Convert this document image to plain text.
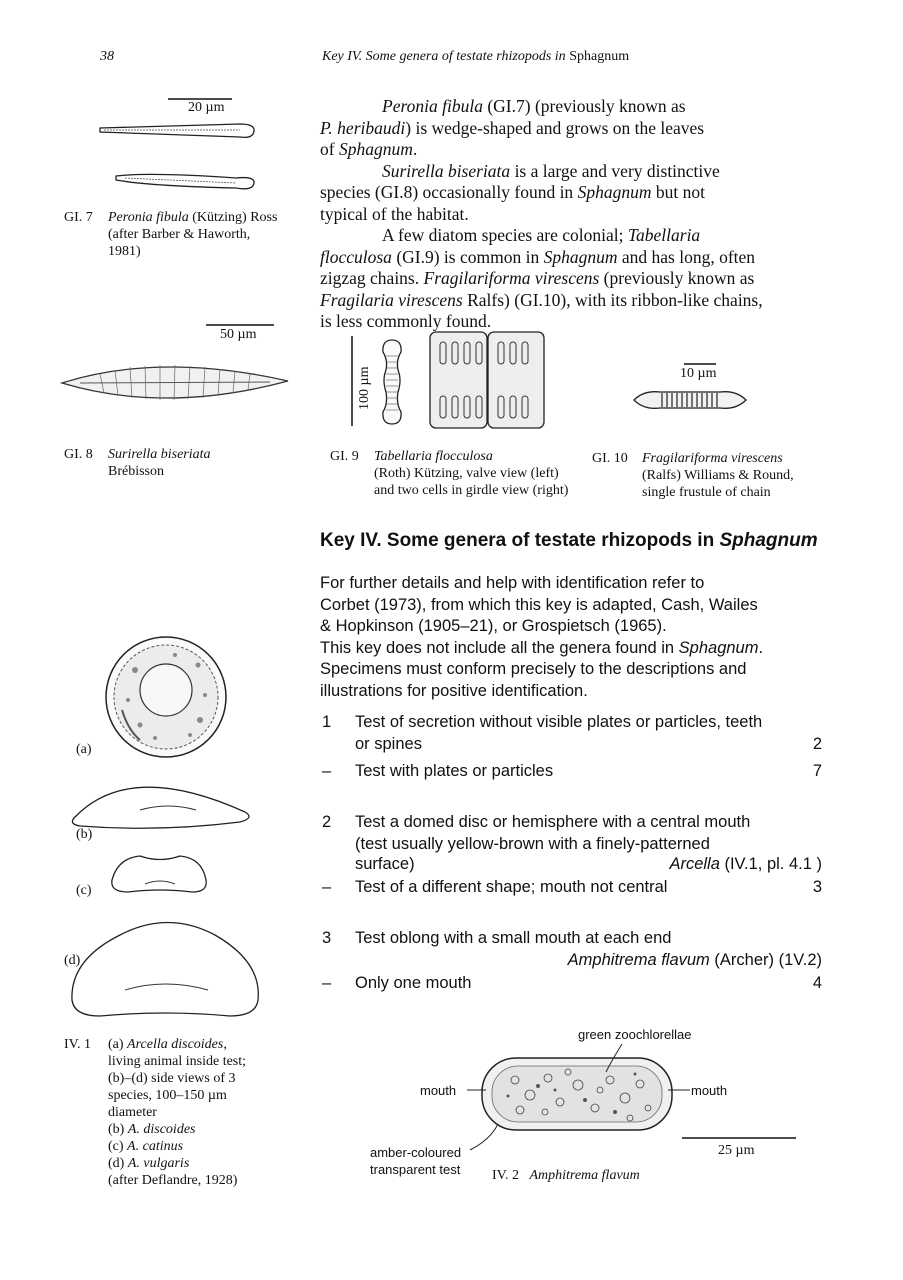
38	Key IV. Some genera of testate rhizopods in Sphagnum
20 µm
GI. 7 Peronia fibula (Kützing) Ross (after Barber & Haworth, 1981)
50 µm
GI. 8 Surirella biseriata
Brébisson
Peronia fibula (GI.7) (previously known as
P. heribaudi) is wedge-shaped and grows on the leaves
of Sphagnum.
Surirella biseriata is a large and very distinctive
species (GI.8) occasionally found in Sphagnum but not
typical of the habitat.
A few diatom species are colonial; Tabellaria
flocculosa (GI.9) is common in Sphagnum and has long, often
zigzag chains. Fragilariforma virescens (previously known as
Fragilaria virescens Ralfs) (GI.10), with its ribbon-like chains,
is less commonly found.
100 µm	10 µm
GI. 9 Tabellaria flocculosa
(Roth) Kützing, valve view (left) and two cells in girdle view (right)
GI. 10 Fragilariforma virescens
(Ralfs) Williams & Round, single frustule of chain
Key IV. Some genera of testate rhizopods in Sphagnum
For further details and help with identification refer to
Corbet (1973), from which this key is adapted, Cash, Wailes
& Hopkinson (1905–21), or Grospietsch (1965).
This key does not include all the genera found in Sphagnum.
Specimens must conform precisely to the descriptions and
illustrations for positive identification.
1 Test of secretion without visible plates or particles, teeth
or spines	2
– Test with plates or particles	7
2 Test a domed disc or hemisphere with a central mouth
(test usually yellow-brown with a finely-patterned
surface)	Arcella (IV.1, pl. 4.1 )
– Test of a different shape; mouth not central	3
3 Test oblong with a small mouth at each end
Amphitrema flavum (Archer) (1V.2)
– Only one mouth	4
(a)
(b)
(c)
(d)
IV. 1 (a) Arcella discoides,
living animal inside test;
(b)–(d) side views of 3
species, 100–150 µm
diameter
(b) A. discoides
(c) A. catinus
(d) A. vulgaris
(after Deflandre, 1928)
green zoochlorellae
mouth	mouth
amber-coloured
transparent test
25 µm
IV. 2 Amphitrema flavum
